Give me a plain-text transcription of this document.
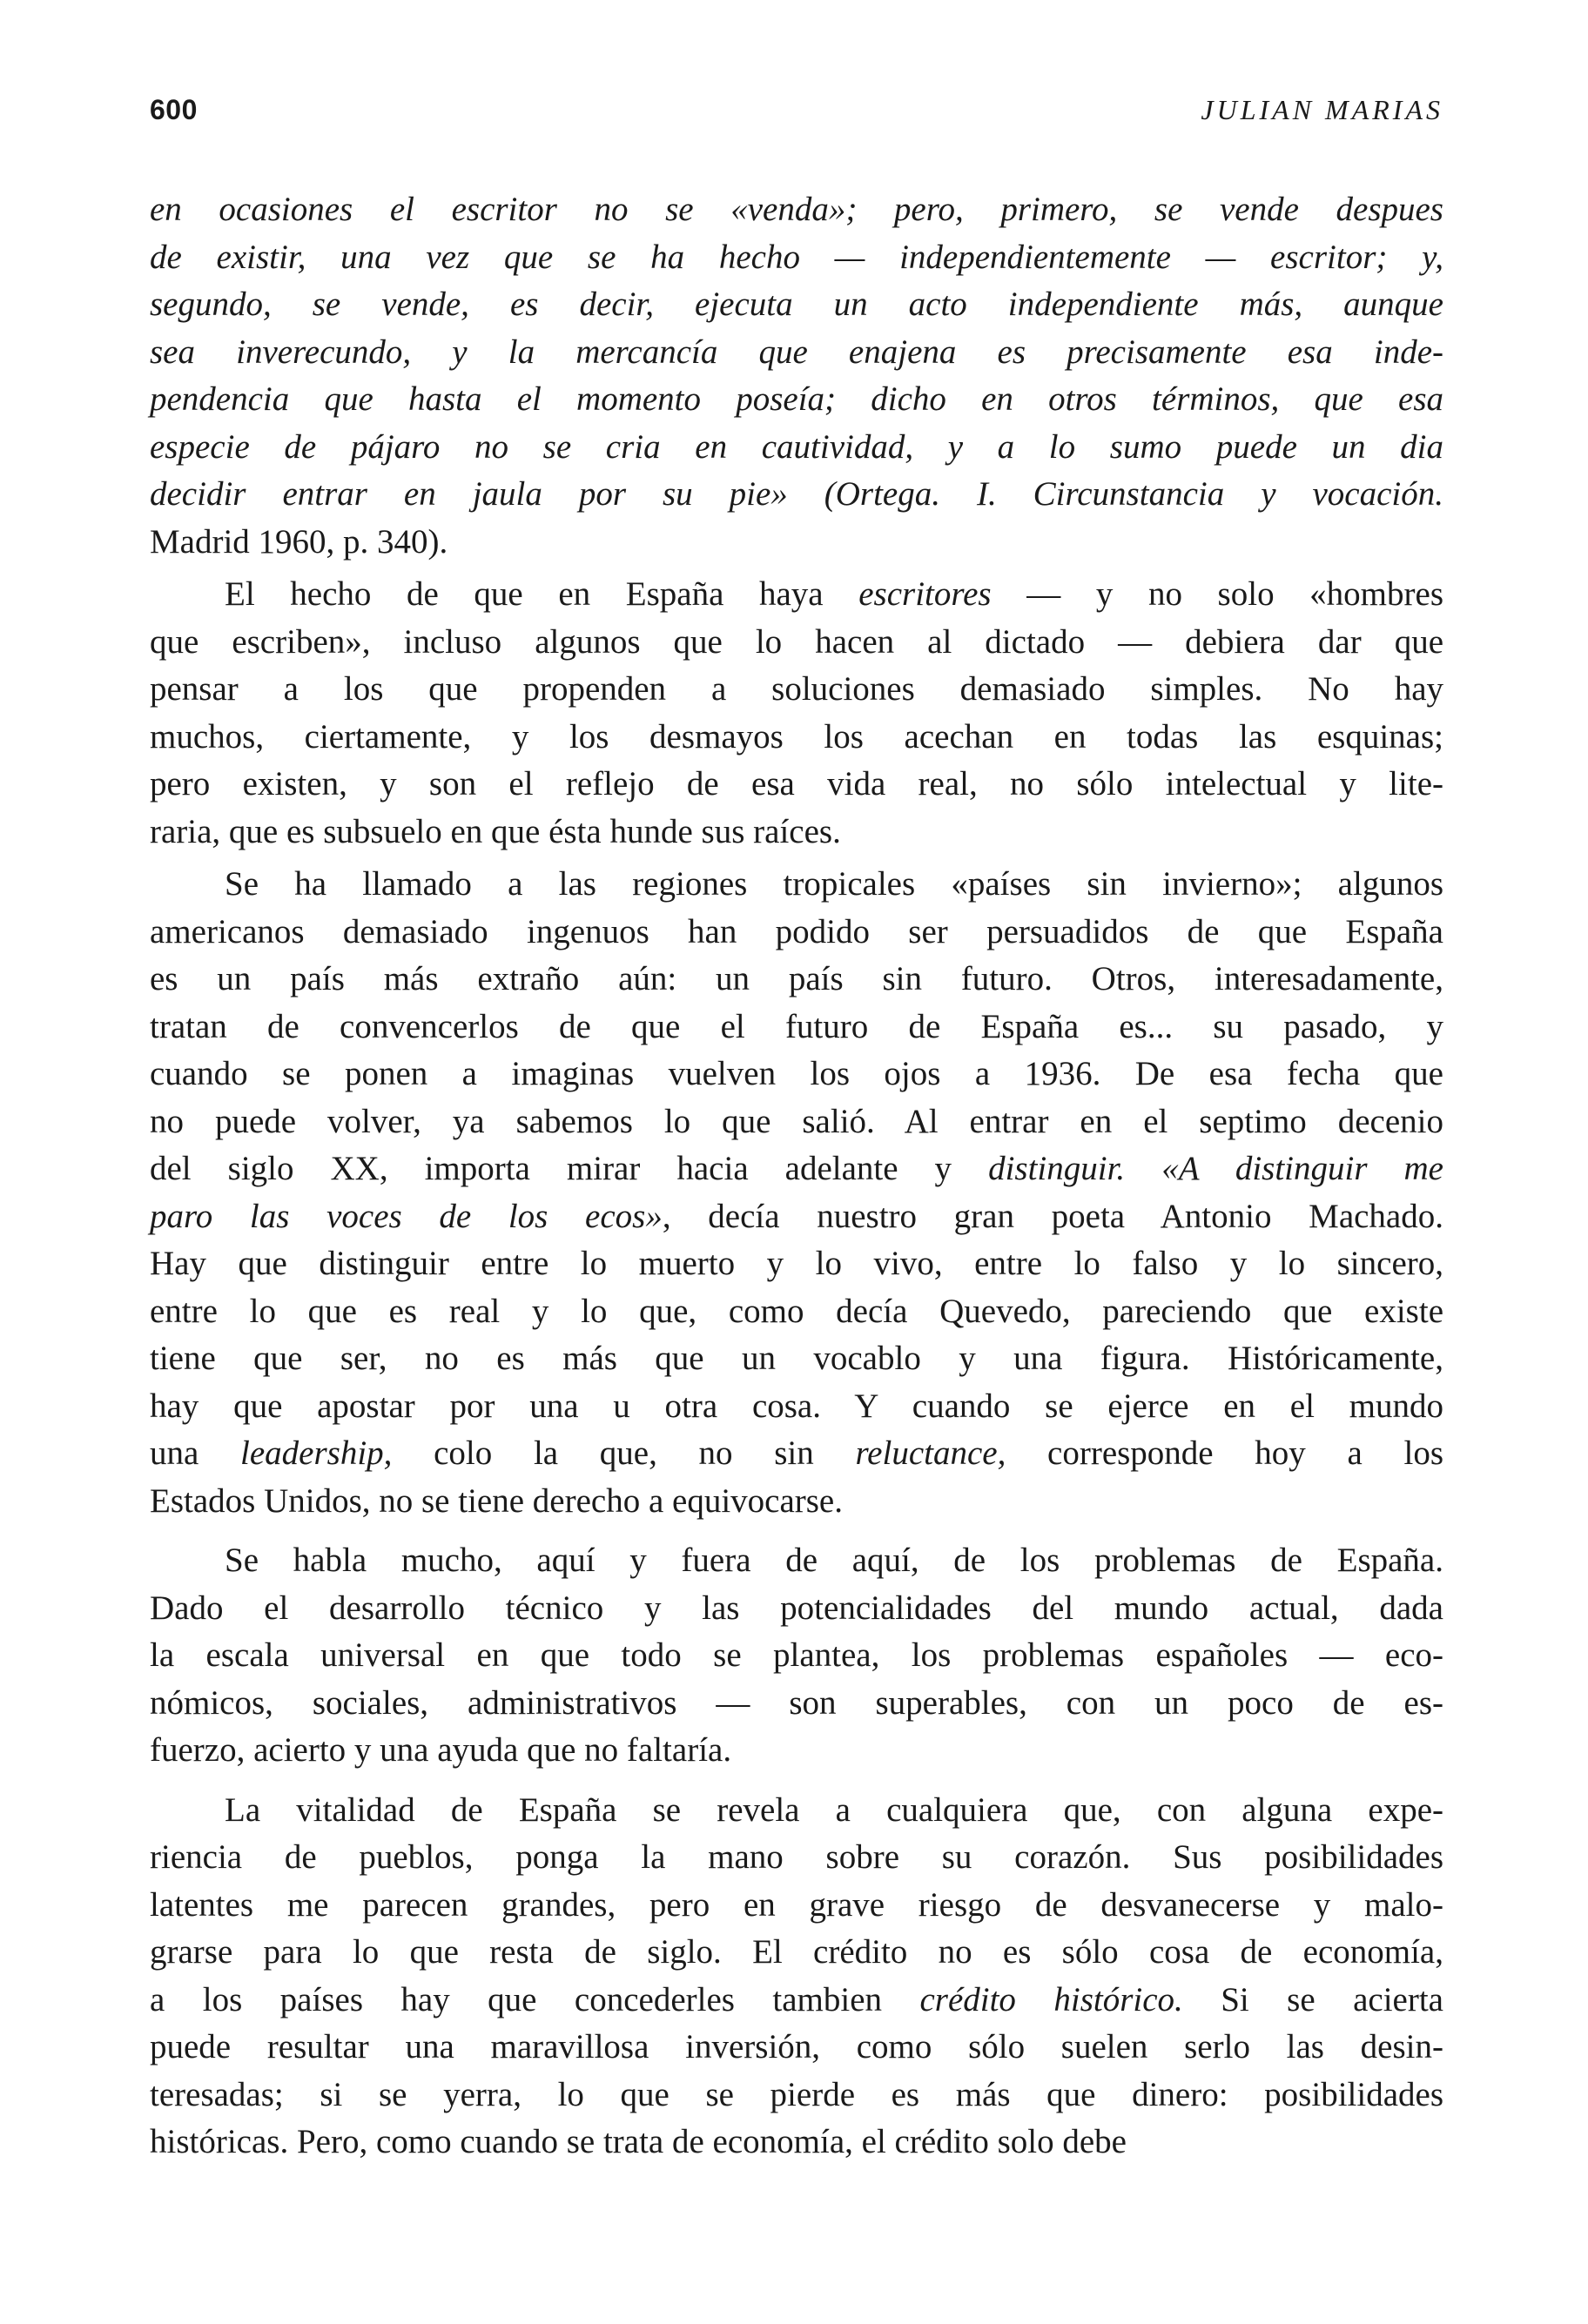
600	JULIAN MARIAS
en ocasiones el escritor no se «venda»; pero, primero, se vende despues
de existir, una vez que se ha hecho — independientemente — escritor; y,
segundo, se vende, es decir, ejecuta un acto independiente más, aunque
sea inverecundo, y la mercancía que enajena es precisamente esa inde-
pendencia que hasta el momento poseía; dicho en otros términos, que esa
especie de pájaro no se cria en cautividad, y a lo sumo puede un dia
decidir entrar en jaula por su pie» (Ortega. I. Circunstancia y vocación.
Madrid 1960, p. 340).
El hecho de que en España haya escritores — y no solo «hombres
que escriben», incluso algunos que lo hacen al dictado — debiera dar que
pensar a los que propenden a soluciones demasiado simples. No hay
muchos, ciertamente, y los desmayos los acechan en todas las esquinas;
pero existen, y son el reflejo de esa vida real, no sólo intelectual y lite-
raria, que es subsuelo en que ésta hunde sus raíces.
Se ha llamado a las regiones tropicales «países sin invierno»; algunos
americanos demasiado ingenuos han podido ser persuadidos de que España
es un país más extraño aún: un país sin futuro. Otros, interesadamente,
tratan de convencerlos de que el futuro de España es... su pasado, y
cuando se ponen a imaginas vuelven los ojos a 1936. De esa fecha que
no puede volver, ya sabemos lo que salió. Al entrar en el septimo decenio
del siglo XX, importa mirar hacia adelante y distinguir. «A distinguir me
paro las voces de los ecos», decía nuestro gran poeta Antonio Machado.
Hay que distinguir entre lo muerto y lo vivo, entre lo falso y lo sincero,
entre lo que es real y lo que, como decía Quevedo, pareciendo que existe
tiene que ser, no es más que un vocablo y una figura. Históricamente,
hay que apostar por una u otra cosa. Y cuando se ejerce en el mundo
una leadership, colo la que, no sin reluctance, corresponde hoy a los
Estados Unidos, no se tiene derecho a equivocarse.
Se habla mucho, aquí y fuera de aquí, de los problemas de España.
Dado el desarrollo técnico y las potencialidades del mundo actual, dada
la escala universal en que todo se plantea, los problemas españoles — eco-
nómicos, sociales, administrativos — son superables, con un poco de es-
fuerzo, acierto y una ayuda que no faltaría.
La vitalidad de España se revela a cualquiera que, con alguna expe-
riencia de pueblos, ponga la mano sobre su corazón. Sus posibilidades
latentes me parecen grandes, pero en grave riesgo de desvanecerse y malo-
grarse para lo que resta de siglo. El crédito no es sólo cosa de economía,
a los países hay que concederles tambien crédito histórico. Si se acierta
puede resultar una maravillosa inversión, como sólo suelen serlo las desin-
teresadas; si se yerra, lo que se pierde es más que dinero: posibilidades
históricas. Pero, como cuando se trata de economía, el crédito solo debe
